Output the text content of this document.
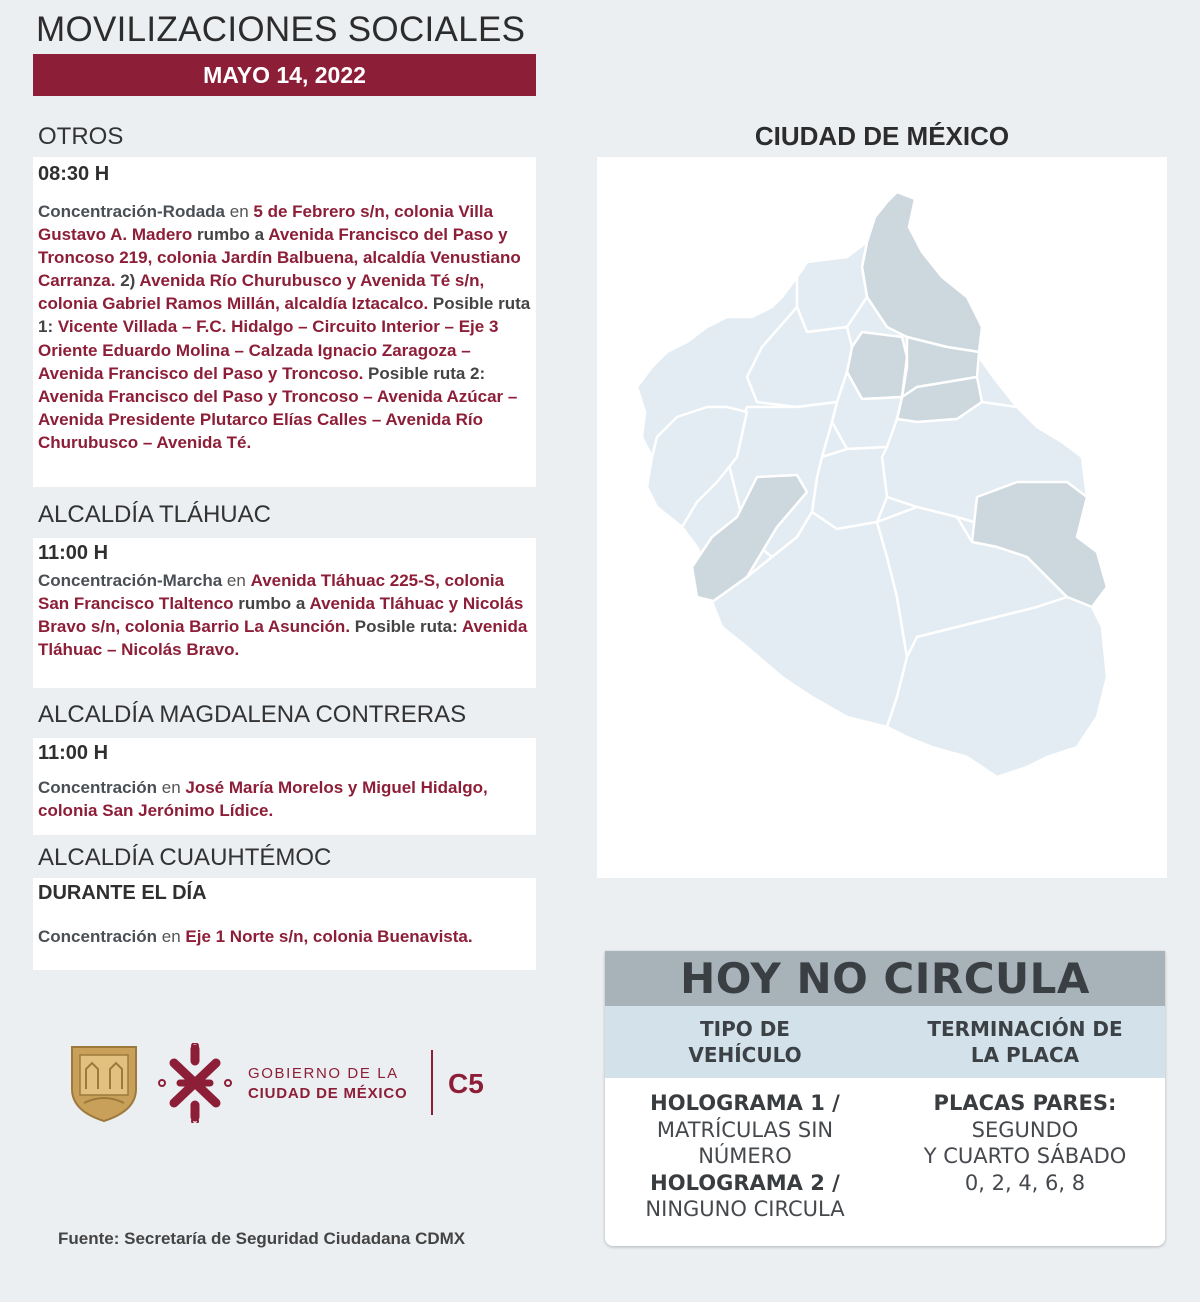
MOVILIZACIONES SOCIALES
MAYO 14, 2022
OTROS
08:30 H

Concentración-Rodada en 5 de Febrero s/n, colonia Villa Gustavo A. Madero rumbo a Avenida Francisco del Paso y Troncoso 219, colonia Jardín Balbuena, alcaldía Venustiano Carranza. 2) Avenida Río Churubusco y Avenida Té s/n, colonia Gabriel Ramos Millán, alcaldía Iztacalco. Posible ruta 1: Vicente Villada – F.C. Hidalgo – Circuito Interior – Eje 3 Oriente Eduardo Molina – Calzada Ignacio Zaragoza – Avenida Francisco del Paso y Troncoso. Posible ruta 2: Avenida Francisco del Paso y Troncoso – Avenida Azúcar – Avenida Presidente Plutarco Elías Calles – Avenida Río Churubusco – Avenida Té.

ALCALDÍA TLÁHUAC
11:00 H

Concentración-Marcha en Avenida Tláhuac 225-S, colonia San Francisco Tlaltenco rumbo a Avenida Tláhuac y Nicolás Bravo s/n, colonia Barrio La Asunción. Posible ruta: Avenida Tláhuac – Nicolás Bravo.

ALCALDÍA MAGDALENA CONTRERAS
11:00 H

Concentración en José María Morelos y Miguel Hidalgo, colonia San Jerónimo Lídice.

ALCALDÍA CUAUHTÉMOC
DURANTE EL DÍA

Concentración en Eje 1 Norte s/n, colonia Buenavista.

CIUDAD DE MÉXICO
HOY NO CIRCULA
TIPO DE VEHÍCULO
TERMINACIÓN DE LA PLACA
HOLOGRAMA 1 /
MATRÍCULAS SIN NÚMERO
HOLOGRAMA 2 /
NINGUNO CIRCULA
PLACAS PARES: SEGUNDO
Y CUARTO SÁBADO
0, 2, 4, 6, 8
GOBIERNO DE LA
CIUDAD DE MÉXICO C5
Fuente: Secretaría de Seguridad Ciudadana CDMX
